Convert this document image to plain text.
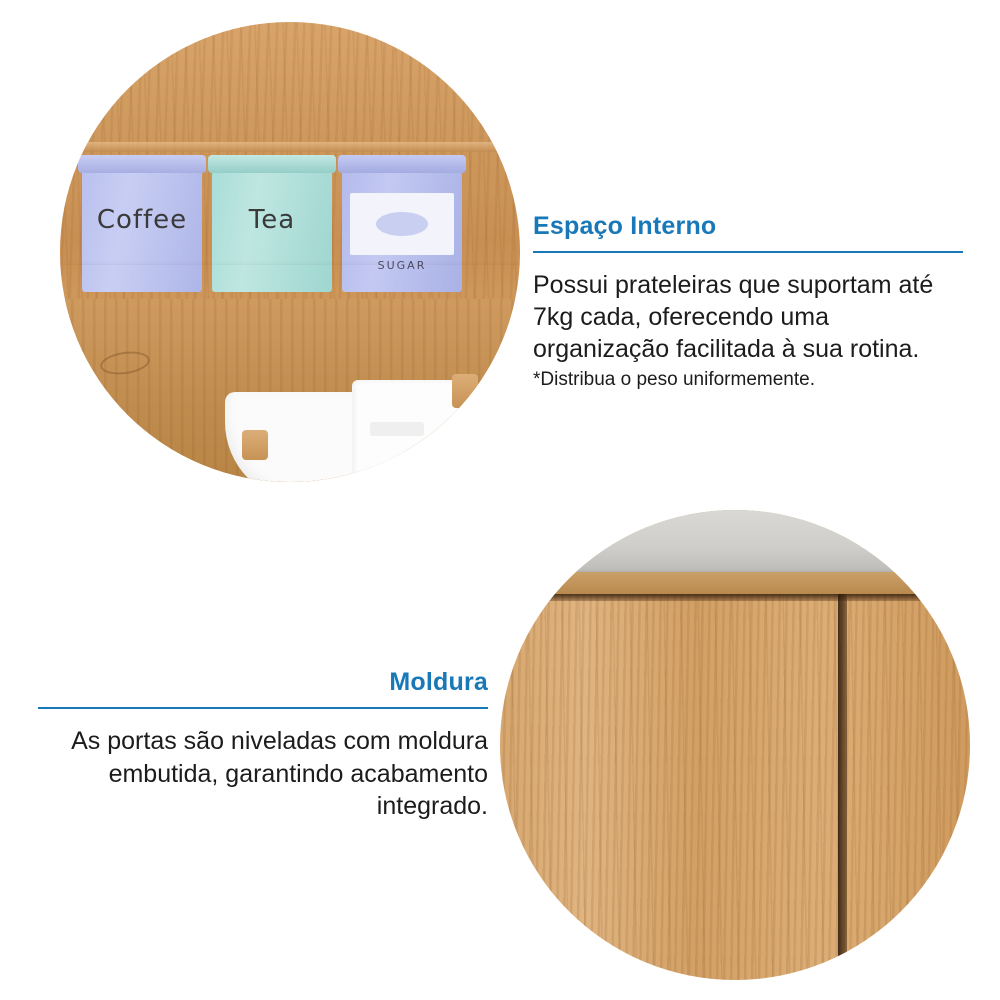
Coffee	Tea
SUGAR
Espaço Interno

Possui prateleiras que suportam até 7kg cada, oferecendo uma organização facilitada à sua rotina.

*Distribua o peso uniformemente.

Moldura

As portas são niveladas com moldura embutida, garantindo acabamento integrado.
